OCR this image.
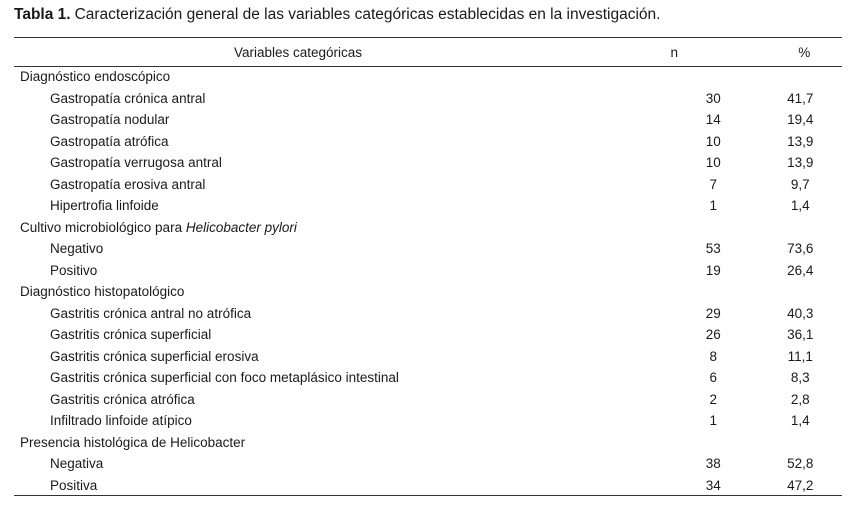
Tabla 1. Caracterización general de las variables categóricas establecidas en la investigación.
Variables categóricas	n	%
Diagnóstico endoscópico		
Gastropatía crónica antral	30	41,7
Gastropatía nodular	14	19,4
Gastropatía atrófica	10	13,9
Gastropatía verrugosa antral	10	13,9
Gastropatía erosiva antral	7	9,7
Hipertrofia linfoide	1	1,4
Cultivo microbiológico para Helicobacter pylori		
Negativo	53	73,6
Positivo	19	26,4
Diagnóstico histopatológico		
Gastritis crónica antral no atrófica	29	40,3
Gastritis crónica superficial	26	36,1
Gastritis crónica superficial erosiva	8	11,1
Gastritis crónica superficial con foco metaplásico intestinal	6	8,3
Gastritis crónica atrófica	2	2,8
Infiltrado linfoide atípico	1	1,4
Presencia histológica de Helicobacter		
Negativa	38	52,8
Positiva	34	47,2
